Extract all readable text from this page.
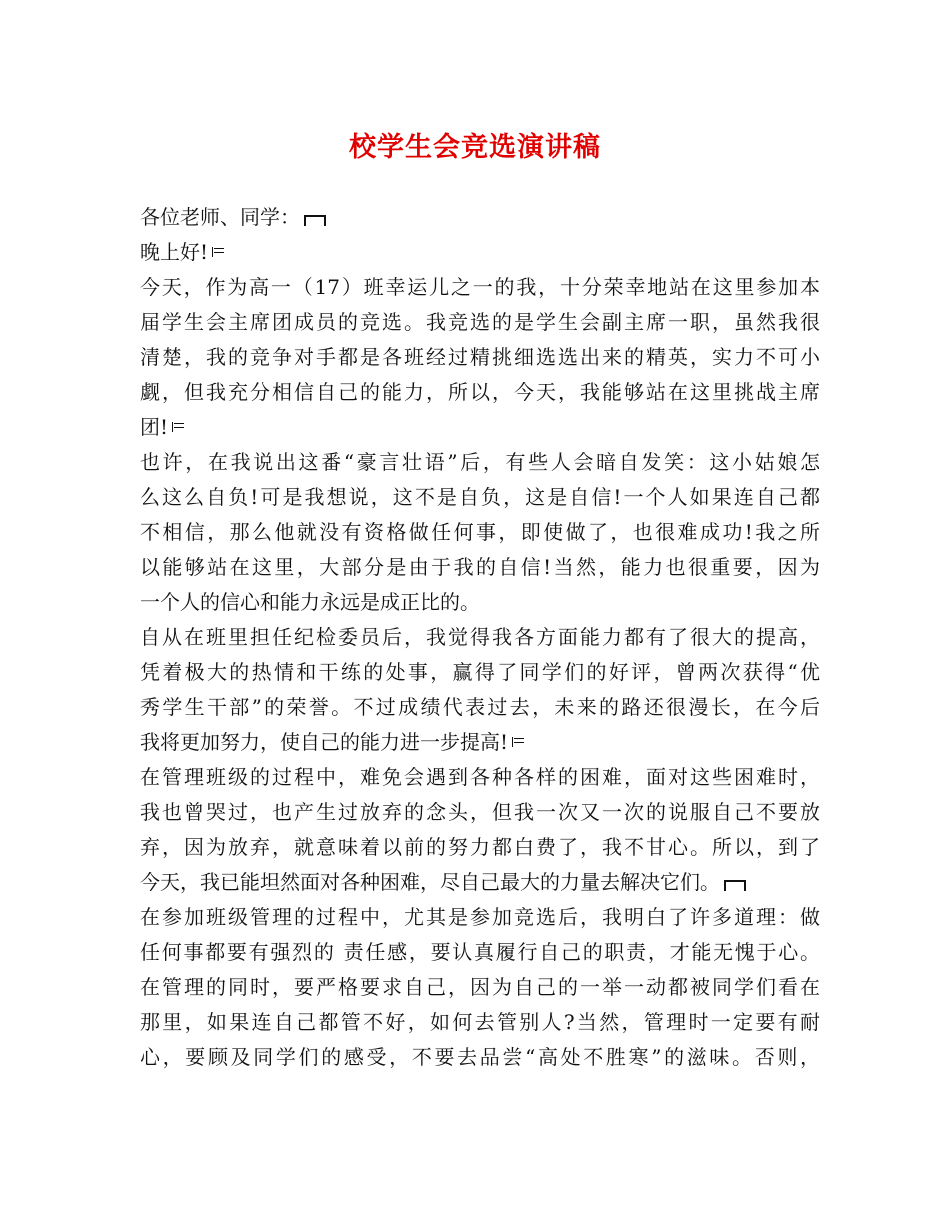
校学生会竞选演讲稿
各位老师、同学：
晚上好!
今天，作为高一（17）班幸运儿之一的我，十分荣幸地站在这里参加本
届学生会主席团成员的竞选。我竞选的是学生会副主席一职，虽然我很
清楚，我的竞争对手都是各班经过精挑细选选出来的精英，实力不可小
觑，但我充分相信自己的能力，所以，今天，我能够站在这里挑战主席
团!
也许，在我说出这番“豪言壮语”后，有些人会暗自发笑：这小姑娘怎
么这么自负!可是我想说，这不是自负，这是自信!一个人如果连自己都
不相信，那么他就没有资格做任何事，即使做了，也很难成功!我之所
以能够站在这里，大部分是由于我的自信!当然，能力也很重要，因为
一个人的信心和能力永远是成正比的。
自从在班里担任纪检委员后，我觉得我各方面能力都有了很大的提高，
凭着极大的热情和干练的处事，赢得了同学们的好评，曾两次获得“优
秀学生干部”的荣誉。不过成绩代表过去，未来的路还很漫长，在今后
我将更加努力，使自己的能力进一步提高!
在管理班级的过程中，难免会遇到各种各样的困难，面对这些困难时，
我也曾哭过，也产生过放弃的念头，但我一次又一次的说服自己不要放
弃，因为放弃，就意味着以前的努力都白费了，我不甘心。所以，到了
今天，我已能坦然面对各种困难，尽自己最大的力量去解决它们。
在参加班级管理的过程中，尤其是参加竞选后，我明白了许多道理：做
任何事都要有强烈的 责任感，要认真履行自己的职责，才能无愧于心。
在管理的同时，要严格要求自己，因为自己的一举一动都被同学们看在
那里，如果连自己都管不好，如何去管别人?当然，管理时一定要有耐
心，要顾及同学们的感受，不要去品尝“高处不胜寒”的滋味。否则，
